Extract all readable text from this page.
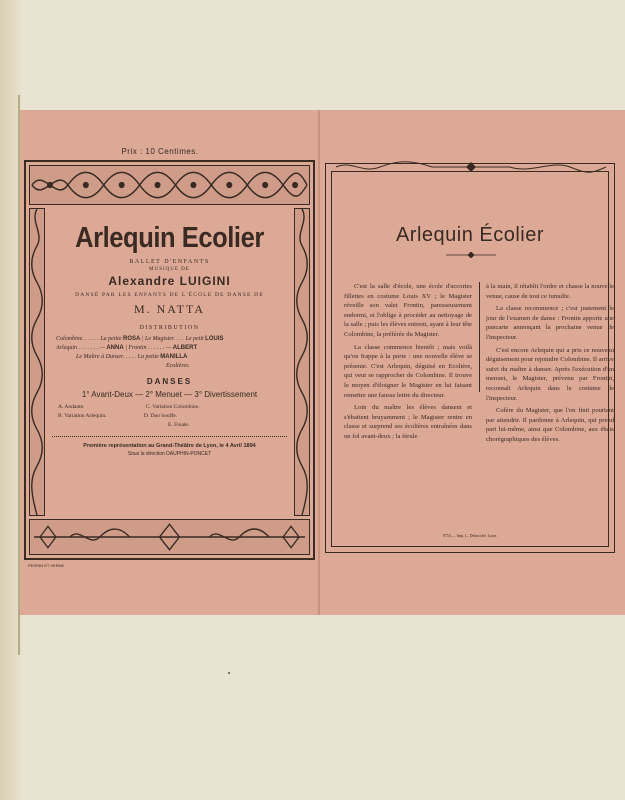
Prix : 10 Centimes.
Arlequin Ecolier
BALLET D'ENFANTS
MUSIQUE DE
Alexandre LUIGINI
DANSÉ PAR LES ENFANTS DE L'ÉCOLE DE DANSE DE
M. NATTA
DISTRIBUTION
Colombine. . . . . . La petite ROSA | Le Magister. . . . Le petit LOUIS
Arlequin . . . . . . . — ANNA | Frontin . . . . . . — ALBERT
Le Maître à Danser. . . . . La petite MANILLA
Ecolières.
DANSES
1° Avant-Deux — 2° Menuet — 3° Divertissement
A. Andante.	C. Variation Colombine.
B. Variation Arlequin.	D. Duo bouffe.
E. Finale.
Première représentation au Grand-Théâtre de Lyon, le 4 Avril 1894
Sous la direction DAUPHIN-PONCET
PERRIN ET VERNE
Arlequin Écolier

C'est la salle d'école, une école d'accortes fillettes en costume Louis XV ; le Magister réveille son valet Frontin, paresseusement endormi, et l'oblige à procéder au nettoyage de la salle ; puis les élèves entrent, ayant à leur tête Colombine, la préférée du Magister.

La classe commence bientôt ; mais voilà qu'on frappe à la porte : une nouvelle élève se présente. C'est Arlequin, déguisé en Ecolière, qui veut se rapprocher de Colombine. Il trouve le moyen d'éloigner le Magister en lui faisant remettre une fausse lettre du directeur.

Loin du maître les élèves dansent et s'ébattent bruyamment ; le Magister rentre en classe et surprend ses écolières entraînées dans un fol avant-deux ; la férule

à la main, il rétablit l'ordre et chasse la nouvelle venue, cause de tout ce tumulte.

La classe recommence ; c'est justement le jour de l'examen de danse : Frontin apporte une pancarte annonçant la prochaine venue de l'inspecteur.

C'est encore Arlequin qui a pris ce nouveau déguisement pour rejoindre Colombine. Il arrive suivi du maître à danser. Après l'exécution d'un menuet, le Magister, prévenu par Frontin, reconnaît Arlequin dans le costume de l'inspecteur.

Colère du Magister, que l'on finit pourtant par attendrir. Il pardonne à Arlequin, qui prend part lui-même, ainsi que Colombine, aux ébats chorégraphiques des élèves.

9754 — Imp. L. Delaroche, Lyon.
